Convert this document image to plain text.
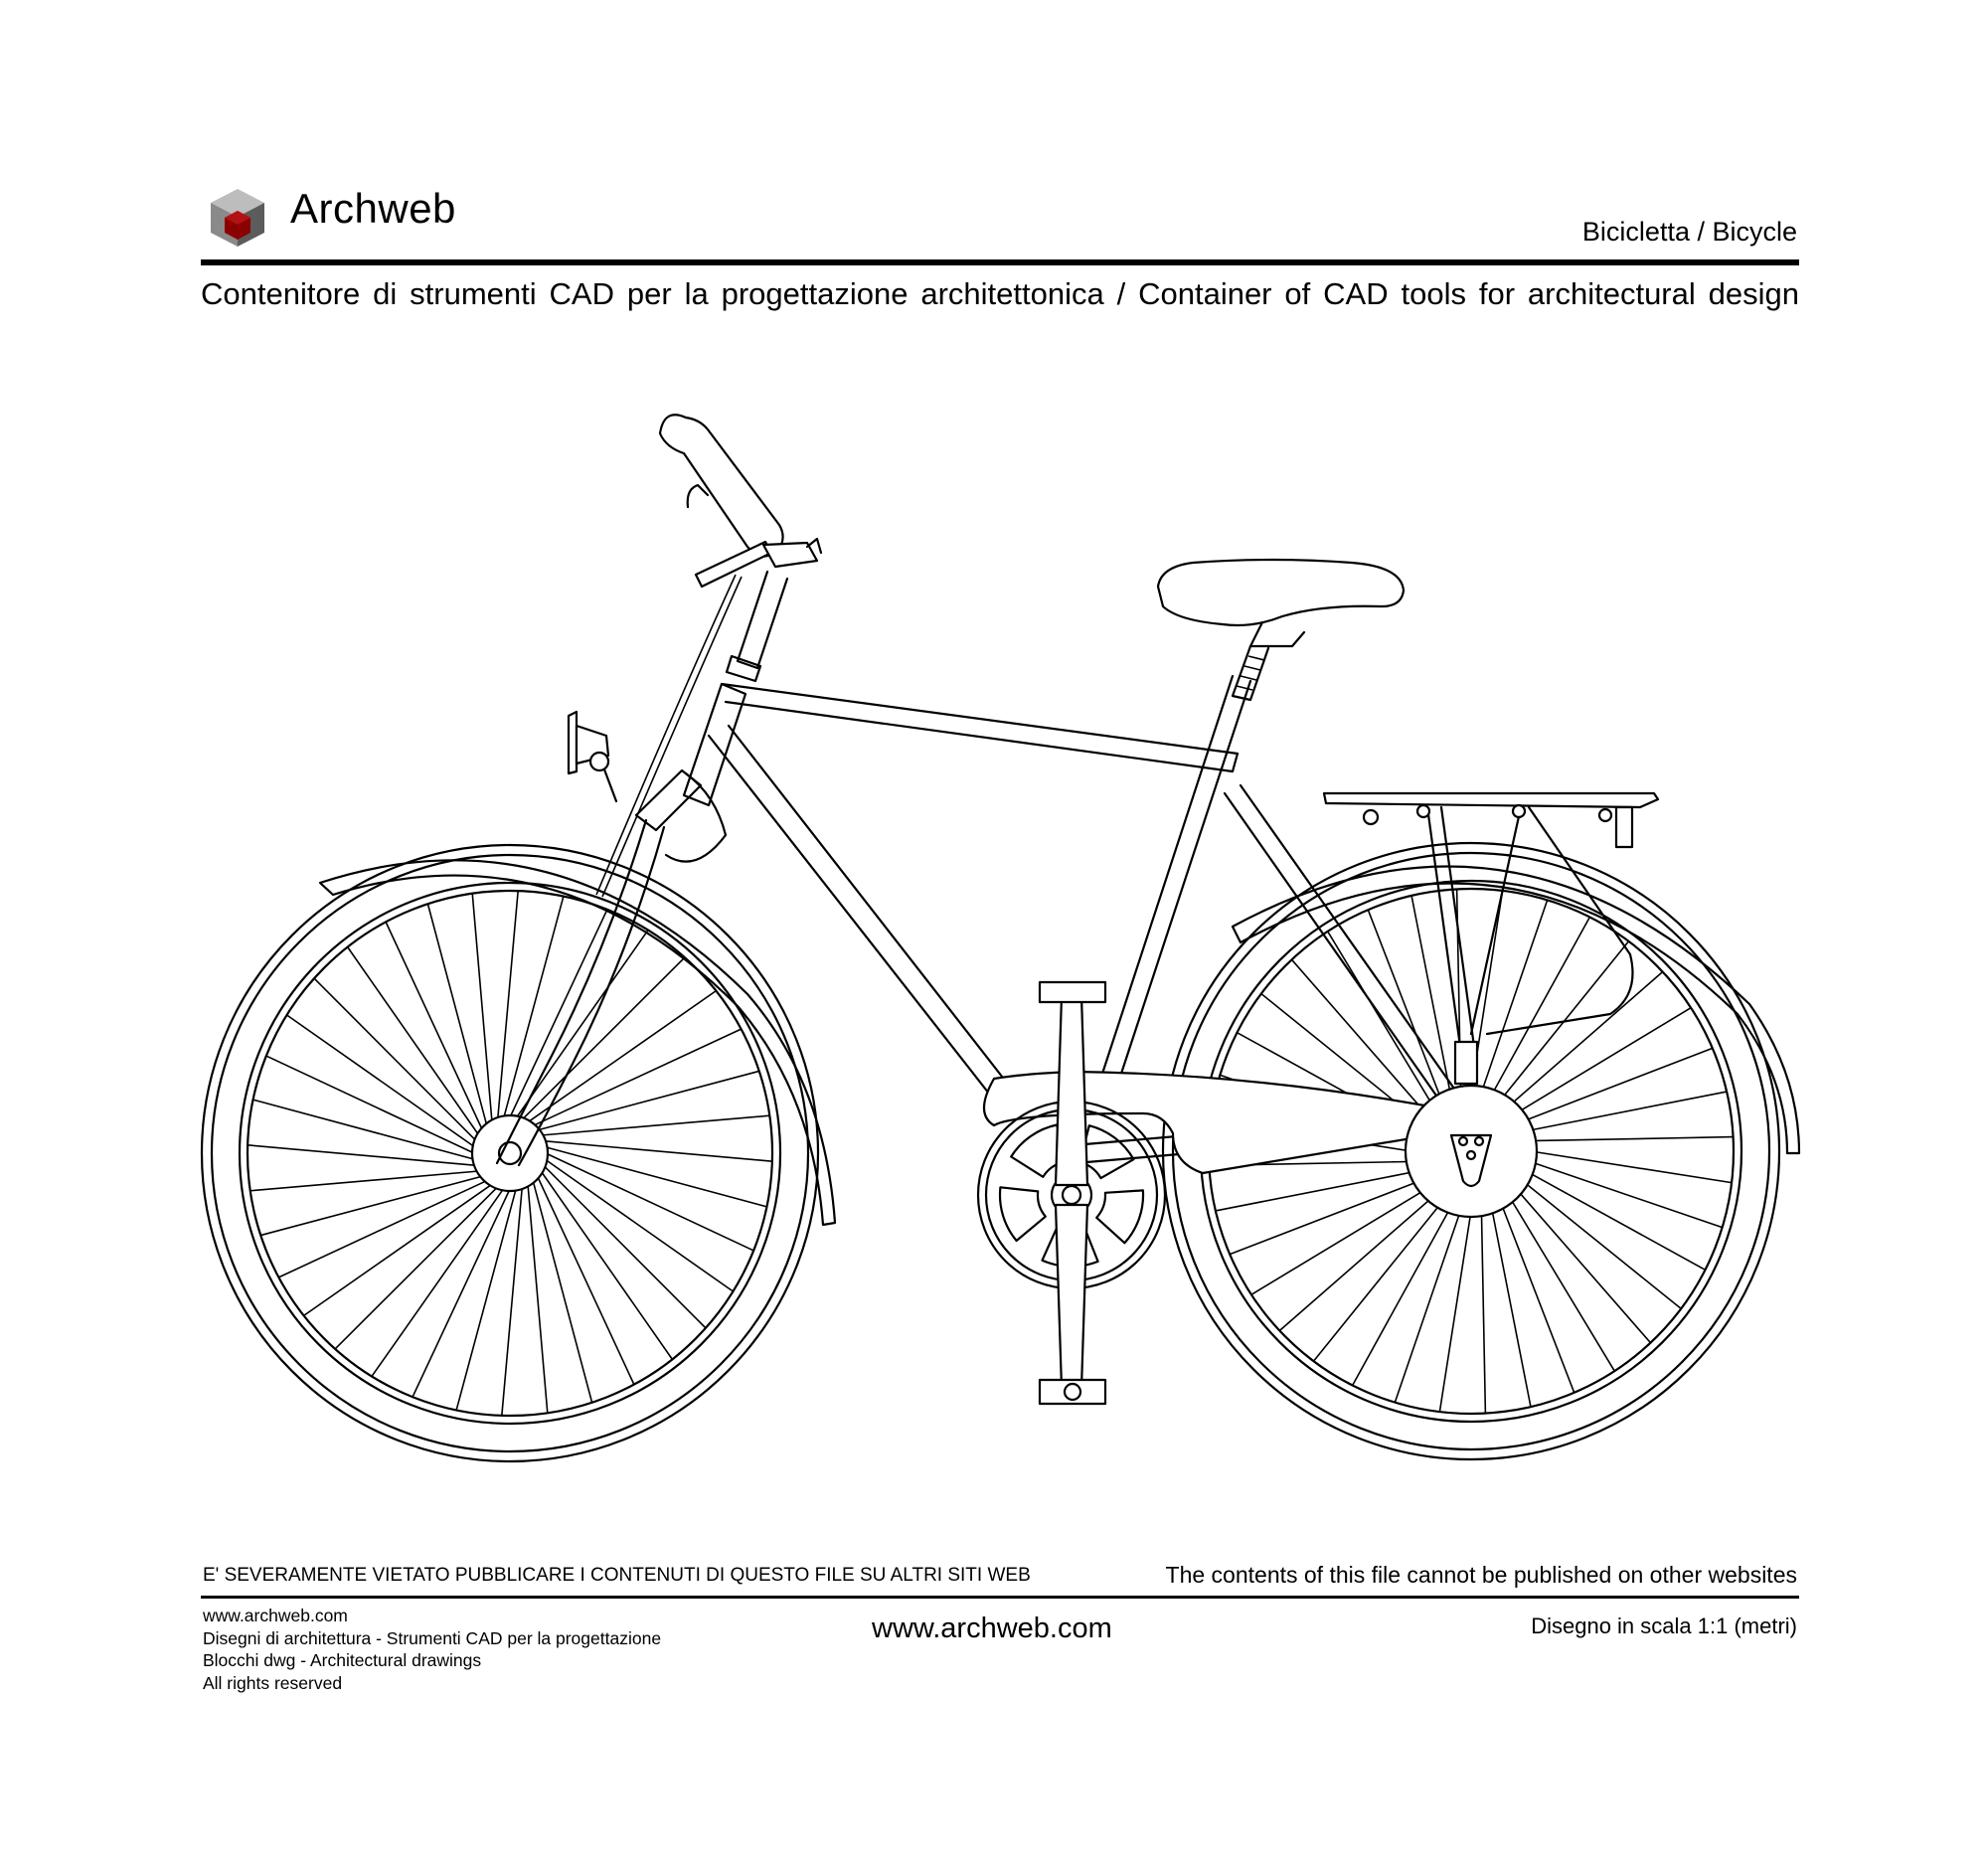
Archweb	Bicicletta / Bicycle
Contenitore di strumenti CAD per la progettazione architettonica / Container of CAD tools for architectural design
E' SEVERAMENTE VIETATO PUBBLICARE I CONTENUTI DI QUESTO FILE SU ALTRI SITI WEB	The contents of this file cannot be published on other websites
www.archweb.com
Disegni di architettura - Strumenti CAD per la progettazione
Blocchi dwg - Architectural drawings
All rights reserved
www.archweb.com	Disegno in scala 1:1 (metri)
